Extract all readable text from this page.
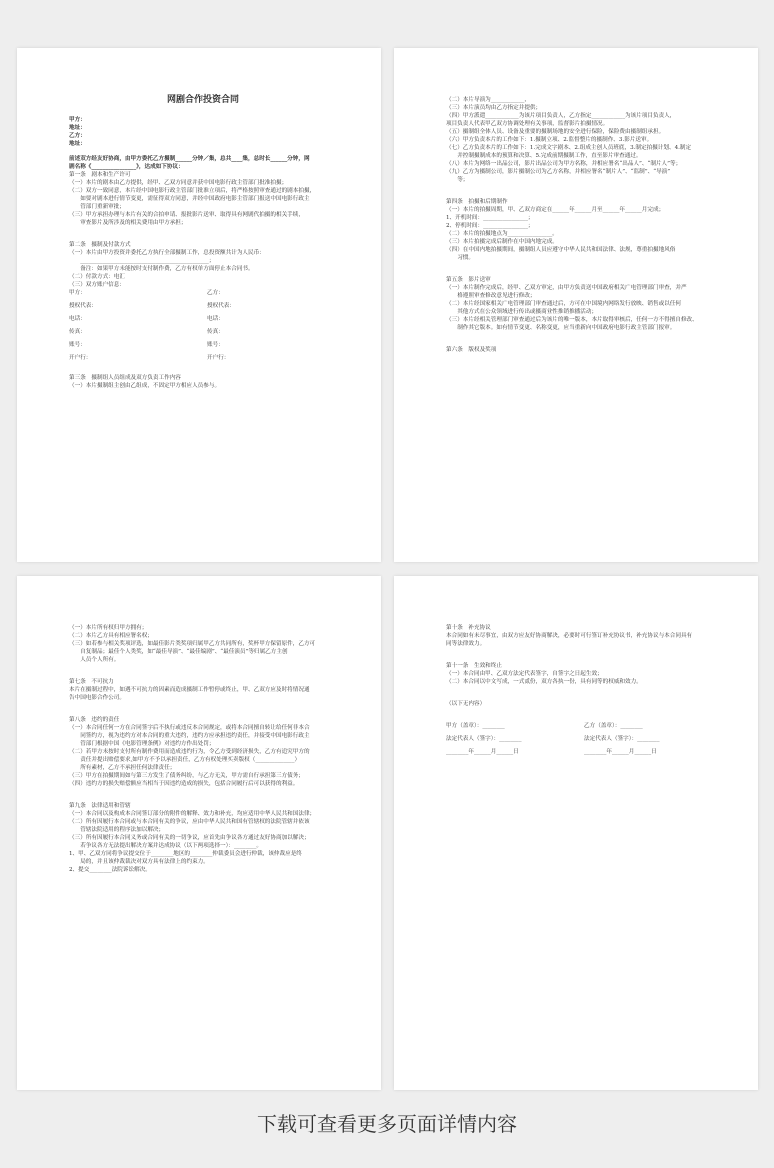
网剧合作投资合同
甲方：
地址：
乙方：
地址：
前述双方经友好协商，由甲方委托乙方摄制______分钟／集，总共____集，总时长______分钟，网
剧名称《________________》，达成如下协议：
第一条　剧本和生产许可
（一）本片的剧本由乙方提供，经甲、乙双方同意并获中国电影行政主管部门批准拍摄；
（二）双方一致同意，本片经中国电影行政主管部门批准立项后，将严格按照审查通过的剧本拍摄，
　　如要对剧本进行情节变更，需征得双方同意，并经中国政府电影主管部门报送中国电影行政主
　　管部门重新审批；
（三）甲方承担办理与本片有关的合拍申请、报批影片送审、取得具有网剧代拍摄的相关手续，
　　审查影片及所涉及的相关费用由甲方承担；
第二条　摄制及付款方式
（一）本片由甲方投资并委托乙方执行全部摄制工作，总投资额共计为人民币：
　　______________________________________________；
　　备注：如果甲方未能按时支付制作费，乙方有权单方面停止本合同书。
（二）付款方式：电汇
（三）双方账户信息：
甲方：
授权代表：
电话：
传真：
账号：
开户行：
乙方：
授权代表：
电话：
传真：
账号：
开户行：
第三条　摄制组人员组成及双方负责工作内容
（一）本片摄制组主创由乙组成，不固定甲方相应人员参与。
（二）本片导演为____________，
（三）本片演员均由乙方指定并提供；
（四）甲方派遣____________为该片项目负责人，乙方指定____________为该片项目负责人，
项目负责人代表甲乙双方协调处理有关事项，监督影片拍摄情况。
（五）摄制组全体人员、设备及重要的摄制场地的安全进行保险，保险费由摄制组承担。
（六）甲方负责本片的工作如下：1.摄制立项、2.监督整片的摄制作、3.影片送审。
（七）乙方负责本片的工作如下：1.完成文字剧本、2.组成主创人员班底，3.制定拍摄计划、4.制定
　　并控制摄制成本的预算和决算、5.完成前期摄制工作，直至影片审查通过。
（八）本片为网络一出品公司，影片出品公司为甲方名称，并相应署名“出品人”、“制片人”等；
（九）乙方为摄制公司，影片摄制公司为乙方名称，并相应署名“制片人”、“监制”、“导演”
　　等；
第四条　拍摄和后期制作
（一）本片的拍摄周期，甲、乙双方商定在______年______月至______年______月完成；
1、开机时间：________________；
2、停机时间：________________；
（二）本片的拍摄地点为________________。
（三）本片拍摄完成后制作在中国内地完成。
（四）在中国内地拍摄期间，摄制组人员应遵守中华人民共和国法律、法规，尊重拍摄地风俗
　　习惯。
第五条　影片送审
（一）本片制作完成后，经甲、乙双方审定，由甲方负责送中国政府相关广电管理部门审查，并严
　　格遵照审查修改意见进行修改；
（二）本片经国家相关广电管理部门审查通过后，方可在中国境内网络发行放映、销售或以任何
　　其他方式在公众领域进行传出或摄商业性推销推播活动；
（三）本片经相关管理部门审查通过后为该片的唯一版本，本片取得审核后，任何一方不得擅自修改、
　　制作其它版本。如有情节变更、名称变更，应当重新向中国政府电影行政主管部门报审。
第六条　版权及奖项
（一）本片所有权归甲方拥有；
（二）本片乙方具有相应署名权；
（三）如若参与相关奖项评选，如最佳影片类奖项归属甲乙方共同所有，奖杯甲方保留原件，乙方可
　　自复制品；最佳个人类奖，如“最佳导演”、“最佳编剧”、“最佳演员”等归属乙方主创
　　人员个人所有。
第七条　不可抗力
本片在摄制过程中，如遇不可抗力的因素而造成摄制工作暂停或终止，甲、乙双方应及时将情况通
告中国电影合作公司。
第八条　违约的责任
（一）本合同任何一方在合同签字后不执行或违反本合同规定，或将本合同擅自转让给任何非本合
　　同签约方，视为违约方对本合同的重大违约，违约方应承担违约责任，并接受中国电影行政主
　　管部门根据中国《电影管理条例》对违约方作出处罚；
（二）若甲方未按时支付所有制作费用而造成违约行为，令乙方受到经济损失，乙方有追究甲方的
　　责任并提出赔偿要求,如甲方不予以承担责任，乙方有权处理买卖版权（______________）
　　所有素材，乙方不承担任何法律责任；
（三）甲方在拍摄期间如与第三方发生了债务纠纷，与乙方无关，甲方需自行承担第三方债务；
（四）违约方的损失赔偿额应当相当于因违约造成的损失，包括合同履行后可以获得的利益。
第九条　法律适用和管辖
（一）本合同以及构成本合同签订部分的附件的解释、效力和补充，均应适用中华人民共和国法律；
（二）所有因履行本合同或与本合同有关的争议，应由中华人民共和国有管辖权的法院管辖并依该
　　管辖法院适用的程序法加以解决；
（三）所有因履行本合同义务或合同有关的一切争议，应首先由争议各方通过友好协商加以解决；
　　若争议各方无法提出解决方案并达成协议（以下两项选择一）：________。
1、甲、乙双方同将争议提交位于________地区的________仲裁委员会进行仲裁，该仲裁应是终
　　局的，并且该仲裁裁决对双方具有法律上的约束力。
2、提交________法院诉讼解决。
第十条　补充协议
本合同如有未尽事宜，由双方应友好协商解决，必要时可行签订补充协议书，补充协议与本合同具有
同等法律效力。
第十一条　生效和终止
（一）本合同由甲、乙双方法定代表签字，自签字之日起生效；
（二）本合同以中文写成，一式贰份，双方各执一份，具有同等的权威和效力。
（以下无内容）
甲方（盖章）：________
法定代表人（签字）：________
________年______月______日
乙方（盖章）：________
法定代表人（签字）：________
________年______月______日
下载可查看更多页面详情内容
